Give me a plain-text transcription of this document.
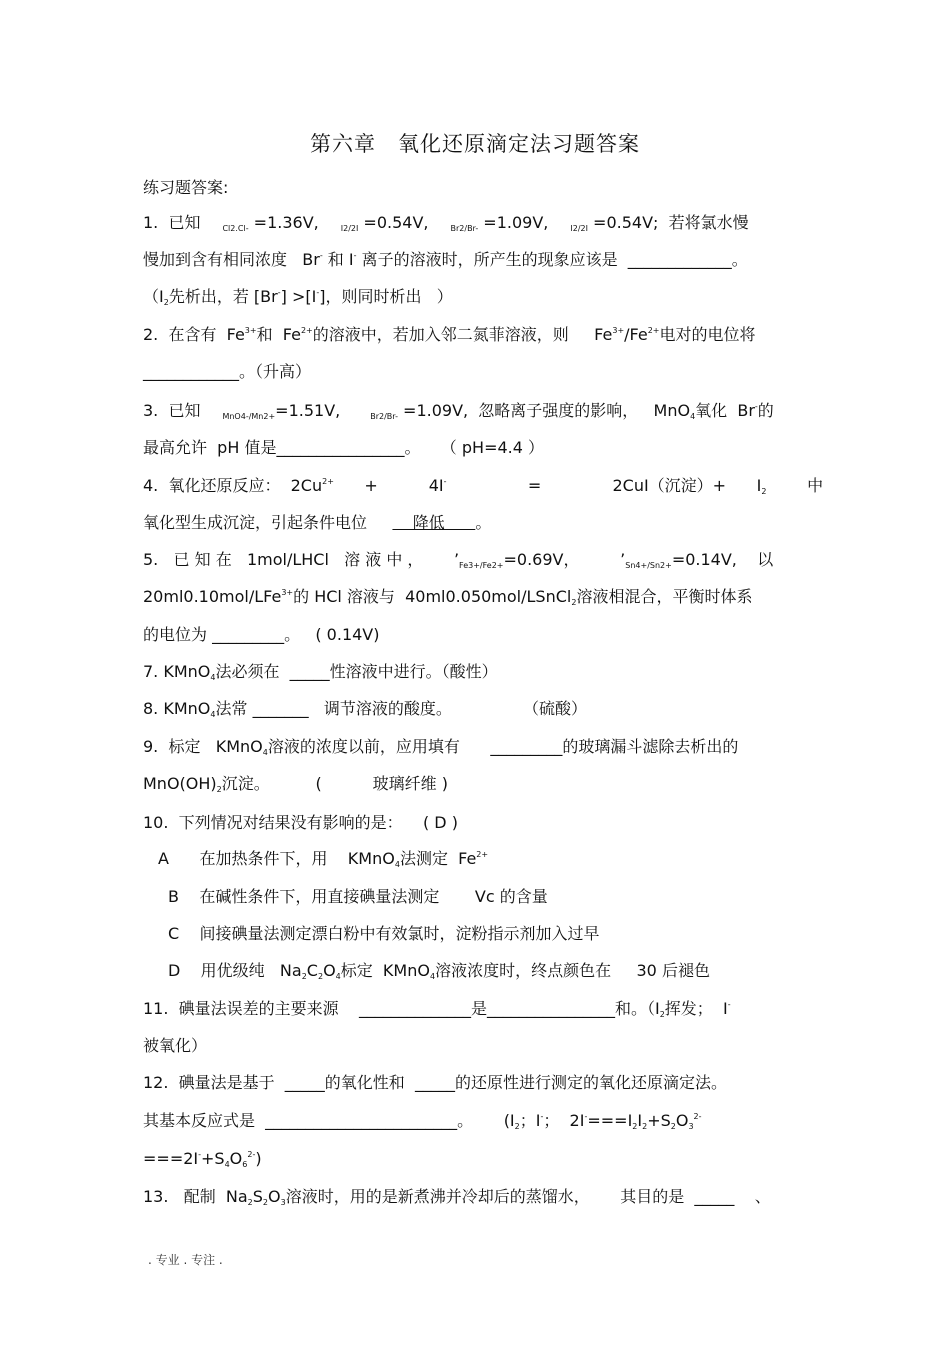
第六章　氧化还原滴定法习题答案
练习题答案:
1.  已知	Cl2.Cl- =1.36V,	I2/2I =0.54V,	Br2/Br- =1.09V,	I2/2I =0.54V;  若将氯水慢
慢加到含有相同浓度   Br- 和 I- 离子的溶液时，所产生的现象应该是  _____________。
（I2先析出，若 [Br-] >[I-]，则同时析出   ）
2.  在含有  $Fe^{3+}$和  $Fe^{2+}$的溶液中，若加入邻二氮菲溶液，则     $Fe^{3+}/Fe^{2+}$电对的电位将
____________。（升高）
3.  已知	MnO4-/Mn2+=1.51V,	Br2/Br- =1.09V,  忽略离子强度的影响，   MnO4氧化  Br-的
最高允许  pH 值是________________。    （ pH=4.4 ）
4.  氧化还原反应：  $2Cu^{2+}$      +          4I-                =              2CuI（沉淀）+      I2        中
氧化型生成沉淀，引起条件电位         降低      。
5.   已 知 在   1mol/LHCl   溶 液 中 ，      ’Fe3+/Fe2+=0.69V，        ’Sn4+/Sn2+=0.14V,    以
20ml0.10mol/LFe$^{3+}$的 HCl 溶液与  40ml0.050mol/LSnCl2溶液相混合，平衡时体系
的电位为 _________。   ( 0.14V)
7. KMnO4法必须在  _____性溶液中进行。（酸性）
8. KMnO4法常 _______   调节溶液的酸度。              （硫酸）
9.  标定   KMnO4溶液的浓度以前，应用填有      _________的玻璃漏斗滤除去析出的
MnO(OH)2沉淀。         (          玻璃纤维 )
10.  下列情况对结果没有影响的是：    ( D )
A      在加热条件下，用    KMnO4法测定  $Fe^{2+}$
B    在碱性条件下，用直接碘量法测定       Vc 的含量
C    间接碘量法测定漂白粉中有效氯时，淀粉指示剂加入过早
D    用优级纯   Na2C2O4标定  KMnO4溶液浓度时，终点颜色在     30 后褪色
11.  碘量法误差的主要来源    ______________是________________和。（I2挥发；  I-
被氧化）
12.  碘量法是基于  _____的氧化性和  _____的还原性进行测定的氧化还原滴定法。
其基本反应式是  ________________________。      (I2；I-；  $2I^-===I2I2+S2O3^{2-}$
$===2I^-+S4O6^{2-}$)
13.   配制  Na2S2O3溶液时，用的是新煮沸并冷却后的蒸馏水，      其目的是  _____    、
. 专业 . 专注 .
